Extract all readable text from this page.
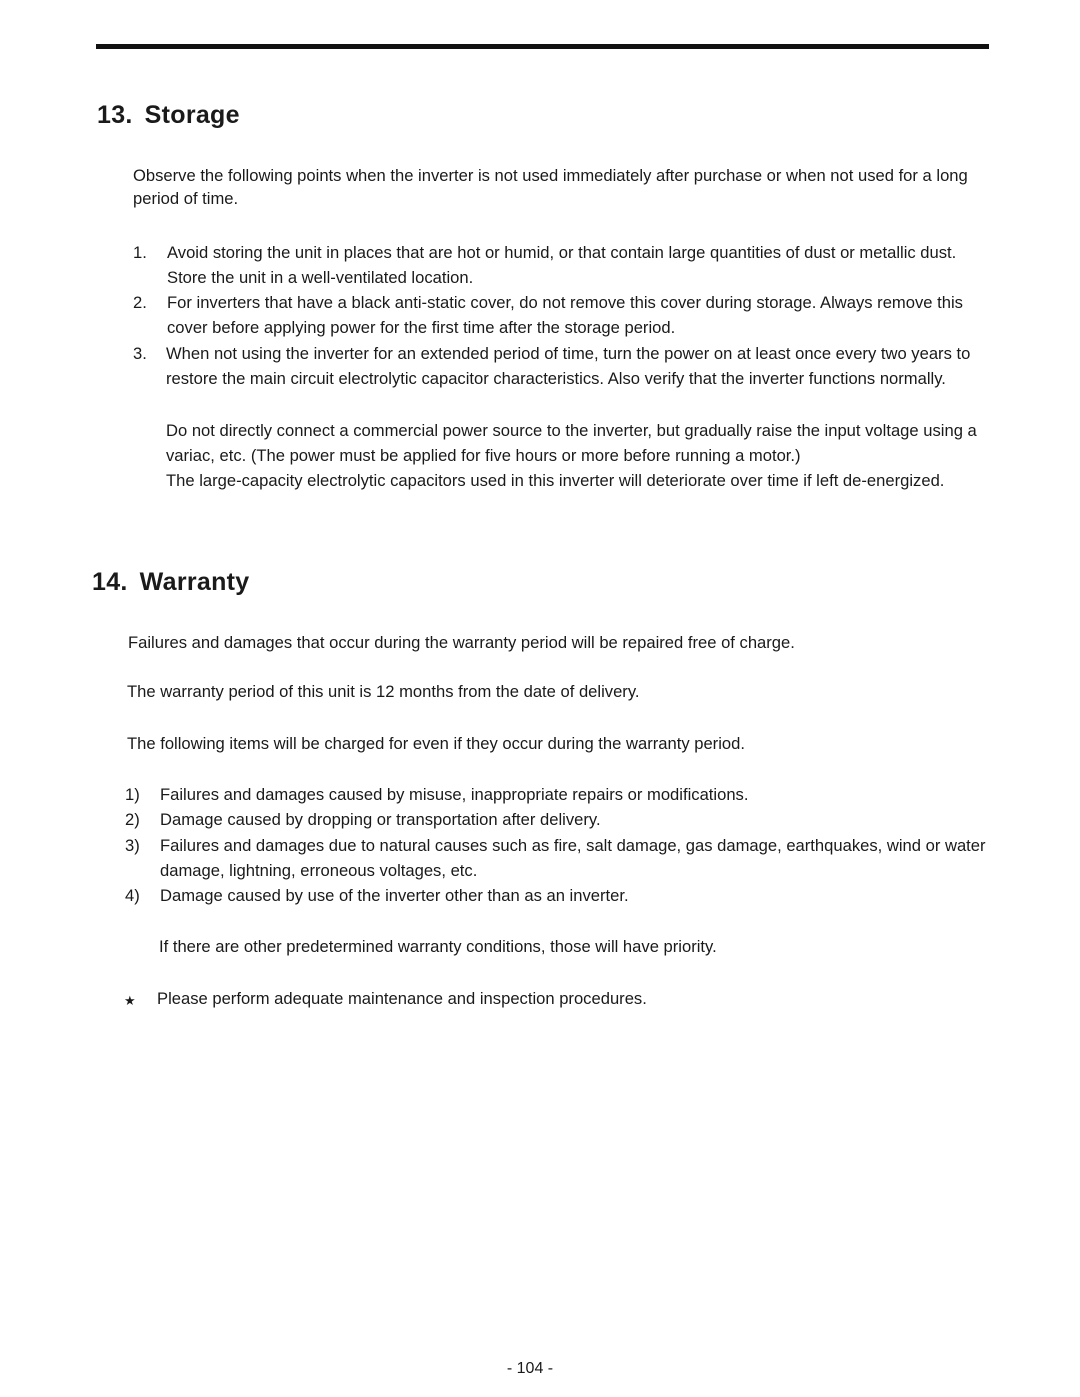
13. Storage

Observe the following points when the inverter is not used immediately after purchase or when not used for a long period of time.

1. Avoid storing the unit in places that are hot or humid, or that contain large quantities of dust or metallic dust. Store the unit in a well-ventilated location.
2. For inverters that have a black anti-static cover, do not remove this cover during storage. Always remove this cover before applying power for the first time after the storage period.
3. When not using the inverter for an extended period of time, turn the power on at least once every two years to restore the main circuit electrolytic capacitor characteristics. Also verify that the inverter functions normally.

Do not directly connect a commercial power source to the inverter, but gradually raise the input voltage using a variac, etc. (The power must be applied for five hours or more before running a motor.)

The large-capacity electrolytic capacitors used in this inverter will deteriorate over time if left de-energized.

14. Warranty

Failures and damages that occur during the warranty period will be repaired free of charge.

The warranty period of this unit is 12 months from the date of delivery.

The following items will be charged for even if they occur during the warranty period.

1) Failures and damages caused by misuse, inappropriate repairs or modifications.
2) Damage caused by dropping or transportation after delivery.
3) Failures and damages due to natural causes such as fire, salt damage, gas damage, earthquakes, wind or water damage, lightning, erroneous voltages, etc.
4) Damage caused by use of the inverter other than as an inverter.

If there are other predetermined warranty conditions, those will have priority.

★ Please perform adequate maintenance and inspection procedures.
- 104 -
